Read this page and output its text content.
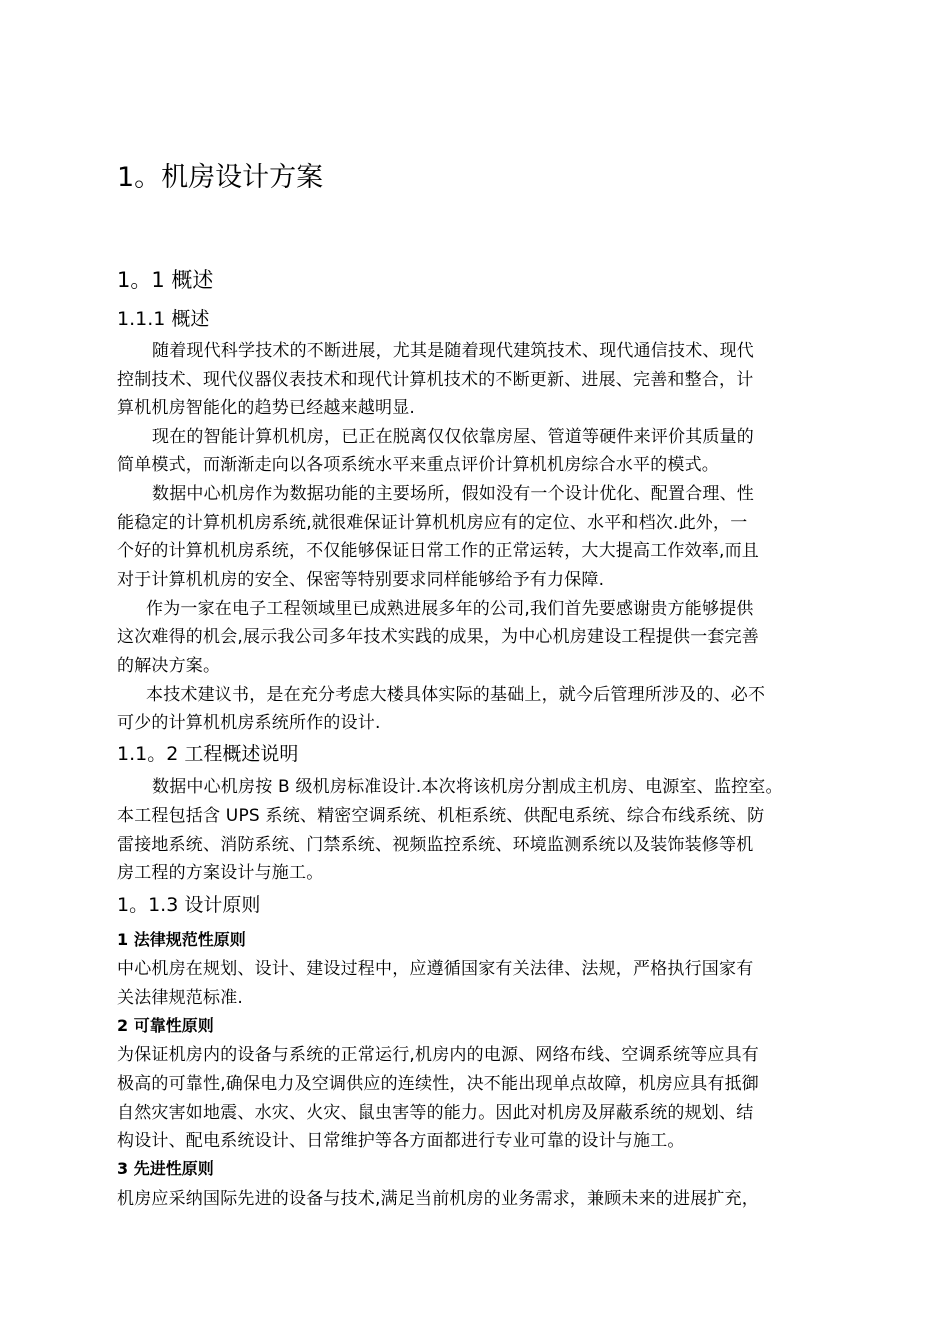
1。机房设计方案
1。1 概述
1.1.1 概述
随着现代科学技术的不断进展，尤其是随着现代建筑技术、现代通信技术、现代
控制技术、现代仪器仪表技术和现代计算机技术的不断更新、进展、完善和整合，计
算机机房智能化的趋势已经越来越明显.
现在的智能计算机机房，已正在脱离仅仅依靠房屋、管道等硬件来评价其质量的
简单模式，而渐渐走向以各项系统水平来重点评价计算机机房综合水平的模式。
数据中心机房作为数据功能的主要场所，假如没有一个设计优化、配置合理、性
能稳定的计算机机房系统,就很难保证计算机机房应有的定位、水平和档次.此外，一
个好的计算机机房系统，不仅能够保证日常工作的正常运转，大大提高工作效率,而且
对于计算机机房的安全、保密等特别要求同样能够给予有力保障.
作为一家在电子工程领域里已成熟进展多年的公司,我们首先要感谢贵方能够提供
这次难得的机会,展示我公司多年技术实践的成果，为中心机房建设工程提供一套完善
的解决方案。
本技术建议书，是在充分考虑大楼具体实际的基础上，就今后管理所涉及的、必不
可少的计算机机房系统所作的设计.
1.1。2 工程概述说明
数据中心机房按 B 级机房标准设计.本次将该机房分割成主机房、电源室、监控室。
本工程包括含 UPS 系统、精密空调系统、机柜系统、供配电系统、综合布线系统、防
雷接地系统、消防系统、门禁系统、视频监控系统、环境监测系统以及装饰装修等机
房工程的方案设计与施工。
1。1.3 设计原则
1 法律规范性原则
中心机房在规划、设计、建设过程中，应遵循国家有关法律、法规，严格执行国家有
关法律规范标准.
2 可靠性原则
为保证机房内的设备与系统的正常运行,机房内的电源、网络布线、空调系统等应具有
极高的可靠性,确保电力及空调供应的连续性，决不能出现单点故障，机房应具有抵御
自然灾害如地震、水灾、火灾、鼠虫害等的能力。因此对机房及屏蔽系统的规划、结
构设计、配电系统设计、日常维护等各方面都进行专业可靠的设计与施工。
3 先进性原则
机房应采纳国际先进的设备与技术,满足当前机房的业务需求，兼顾未来的进展扩充，
